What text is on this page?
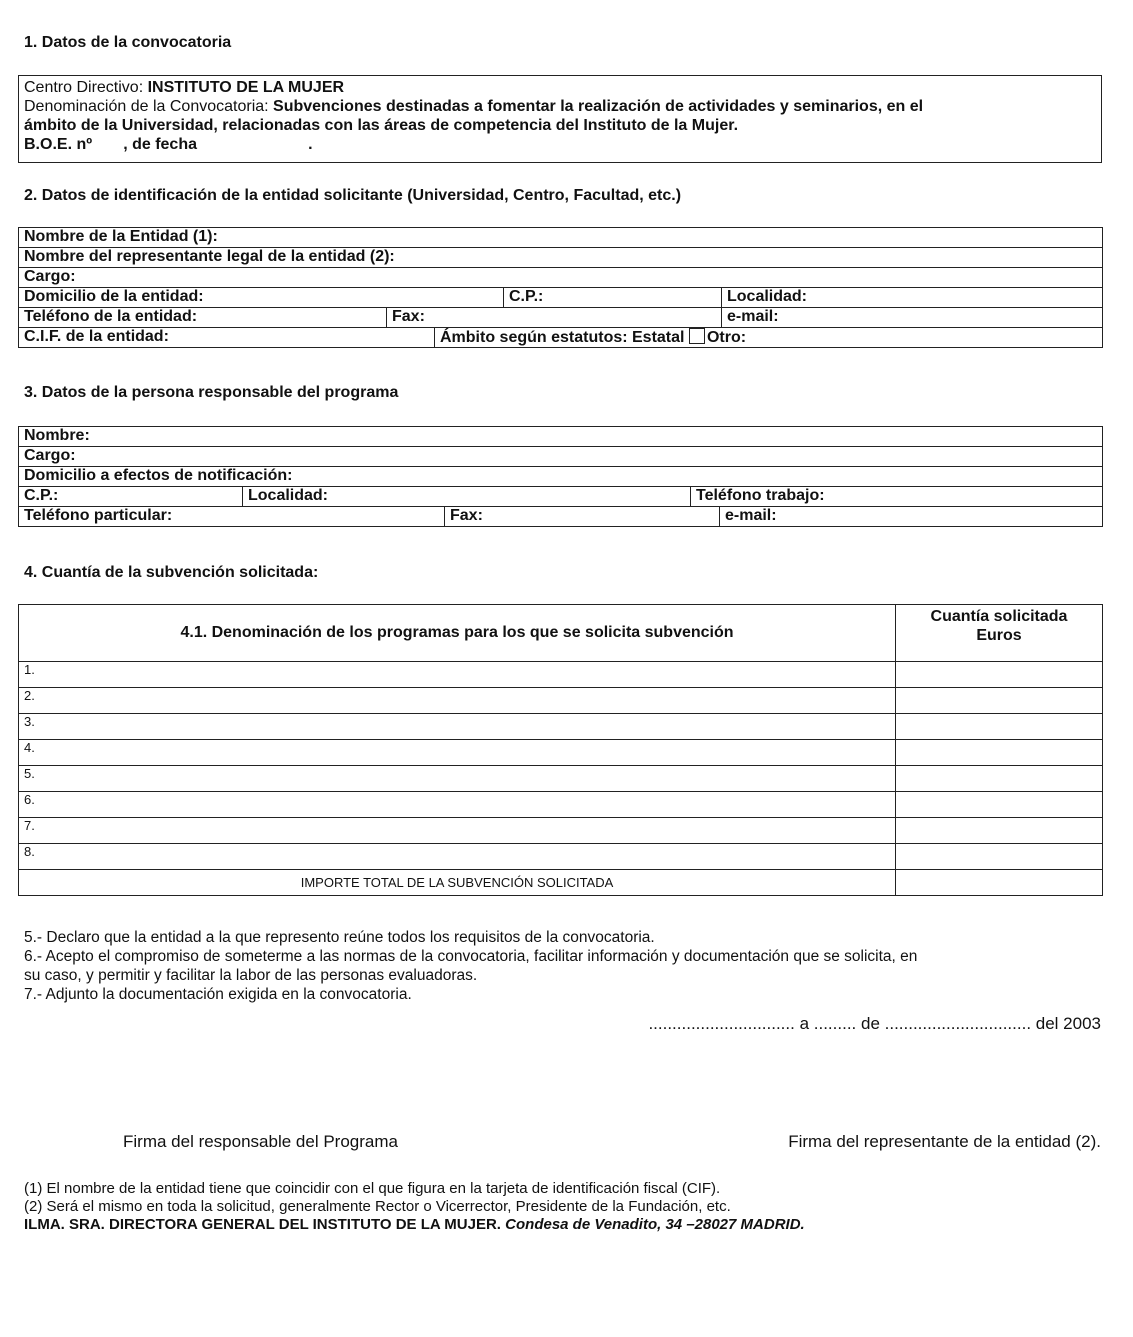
1. Datos de la convocatoria
Centro Directivo: INSTITUTO DE LA MUJER
Denominación de la Convocatoria: Subvenciones destinadas a fomentar la realización de actividades y seminarios, en el
ámbito de la Universidad, relacionadas con las áreas de competencia del Instituto de la Mujer.
B.O.E. nº       , de fecha                         .
2. Datos de identificación de la entidad solicitante (Universidad, Centro, Facultad, etc.)
Nombre de la Entidad (1):				
Nombre del representante legal de la entidad (2):				
Cargo:				
Domicilio de la entidad:			C.P.:	Localidad:
Teléfono de la entidad:	Fax:			e-mail:
C.I.F. de la entidad:		Ámbito según estatutos: Estatal Otro:		
3. Datos de la persona responsable del programa
Nombre:				
Cargo:				
Domicilio a efectos de notificación:				
C.P.:	Localidad:		Teléfono trabajo:	
Teléfono particular:		Fax:		e-mail:
4. Cuantía de la subvención solicitada:
4.1. Denominación de los programas para los que se solicita subvención	Cuantía solicitada
Euros

1.	
2.	
3.	
4.	
5.	
6.	
7.	
8.	
IMPORTE TOTAL DE LA SUBVENCIÓN SOLICITADA	
5.- Declaro que la entidad a la que represento reúne todos los requisitos de la convocatoria.
6.- Acepto el compromiso de someterme a las normas de la convocatoria, facilitar información y documentación que se solicita, en
su caso, y permitir y facilitar la labor de las personas evaluadoras.
7.- Adjunto la documentación exigida en la convocatoria.
............................... a ......... de ............................... del 2003
Firma del responsable del Programa	Firma del representante de la entidad (2).
(1) El nombre de la entidad tiene que coincidir con el que figura en la tarjeta de identificación fiscal (CIF).
(2) Será el mismo en toda la solicitud, generalmente Rector o Vicerrector, Presidente de la Fundación, etc.
ILMA. SRA. DIRECTORA GENERAL DEL INSTITUTO DE LA MUJER. Condesa de Venadito, 34 –28027 MADRID.
